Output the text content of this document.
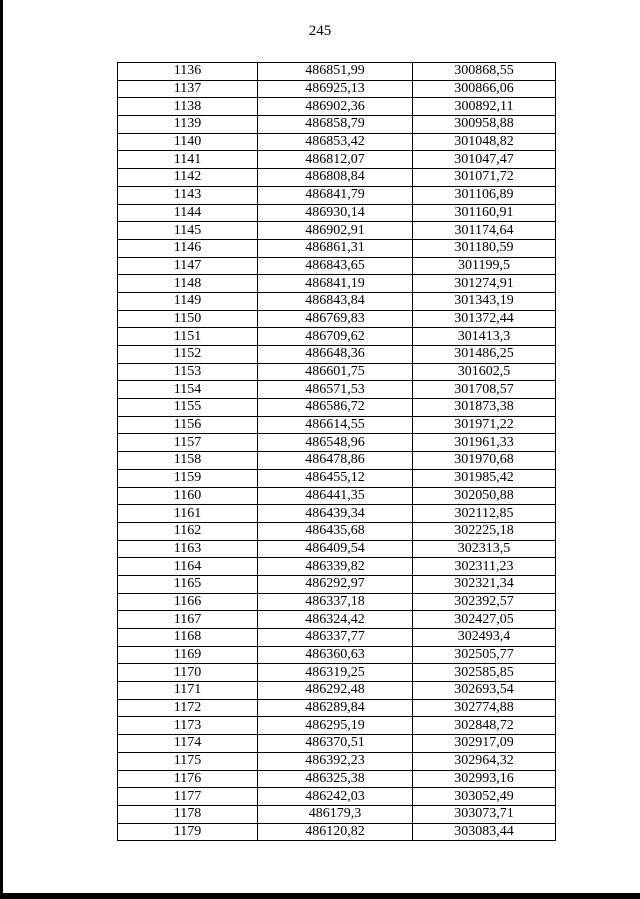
245
1136	486851,99	300868,55
1137	486925,13	300866,06
1138	486902,36	300892,11
1139	486858,79	300958,88
1140	486853,42	301048,82
1141	486812,07	301047,47
1142	486808,84	301071,72
1143	486841,79	301106,89
1144	486930,14	301160,91
1145	486902,91	301174,64
1146	486861,31	301180,59
1147	486843,65	301199,5
1148	486841,19	301274,91
1149	486843,84	301343,19
1150	486769,83	301372,44
1151	486709,62	301413,3
1152	486648,36	301486,25
1153	486601,75	301602,5
1154	486571,53	301708,57
1155	486586,72	301873,38
1156	486614,55	301971,22
1157	486548,96	301961,33
1158	486478,86	301970,68
1159	486455,12	301985,42
1160	486441,35	302050,88
1161	486439,34	302112,85
1162	486435,68	302225,18
1163	486409,54	302313,5
1164	486339,82	302311,23
1165	486292,97	302321,34
1166	486337,18	302392,57
1167	486324,42	302427,05
1168	486337,77	302493,4
1169	486360,63	302505,77
1170	486319,25	302585,85
1171	486292,48	302693,54
1172	486289,84	302774,88
1173	486295,19	302848,72
1174	486370,51	302917,09
1175	486392,23	302964,32
1176	486325,38	302993,16
1177	486242,03	303052,49
1178	486179,3	303073,71
1179	486120,82	303083,44
